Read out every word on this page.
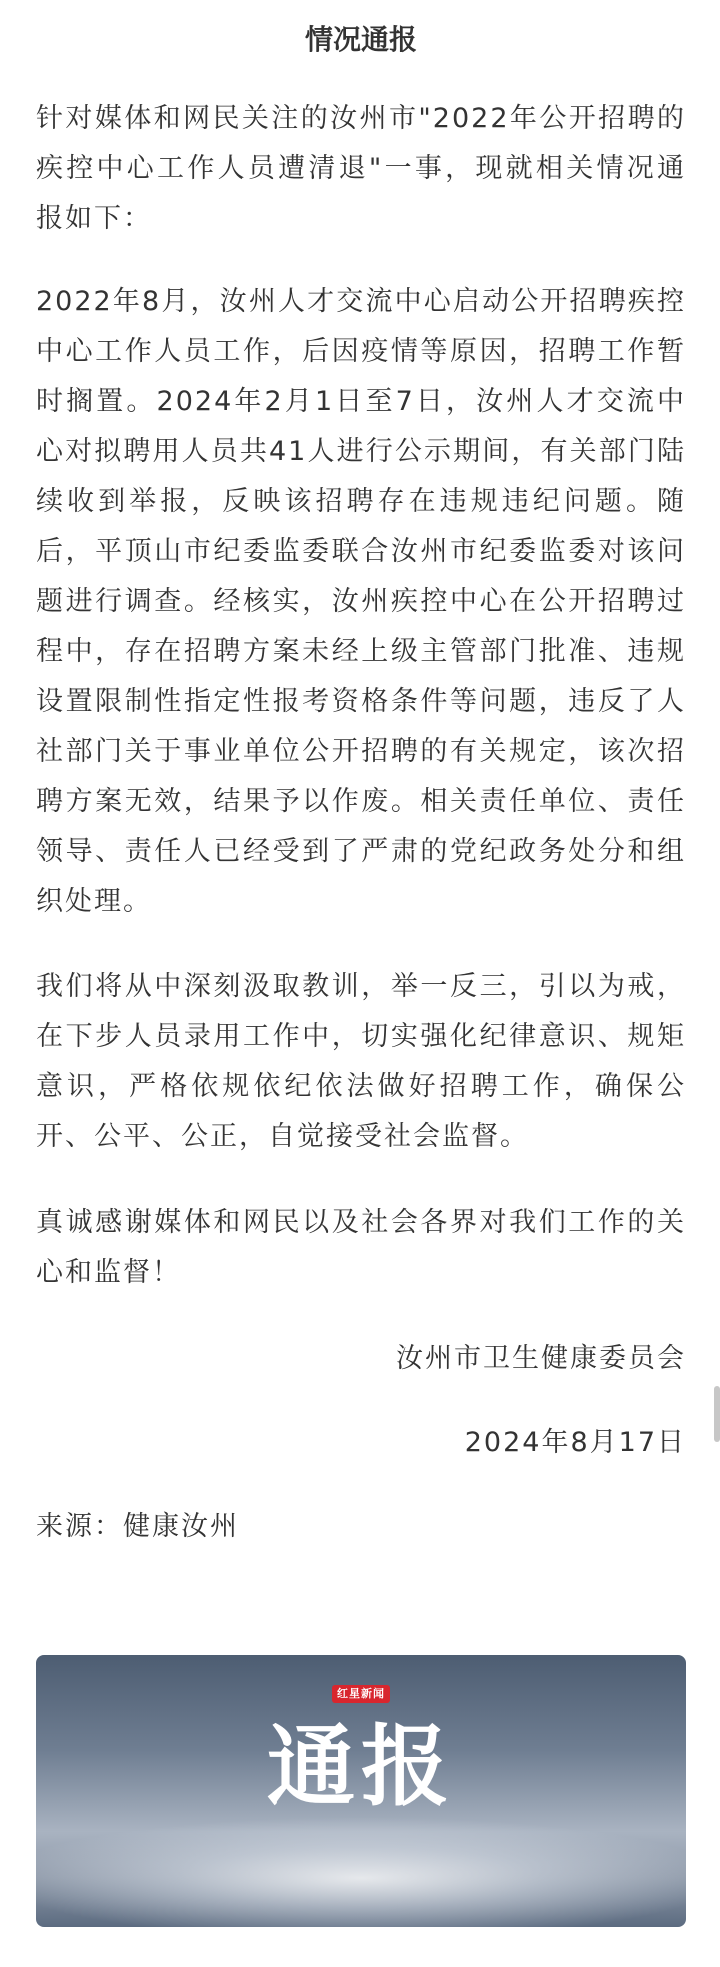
情况通报

针对媒体和网民关注的汝州市"2022年公开招聘的疾控中心工作人员遭清退"一事，现就相关情况通报如下：

2022年8月，汝州人才交流中心启动公开招聘疾控中心工作人员工作，后因疫情等原因，招聘工作暂时搁置。2024年2月1日至7日，汝州人才交流中心对拟聘用人员共41人进行公示期间，有关部门陆续收到举报，反映该招聘存在违规违纪问题。随后，平顶山市纪委监委联合汝州市纪委监委对该问题进行调查。经核实，汝州疾控中心在公开招聘过程中，存在招聘方案未经上级主管部门批准、违规设置限制性指定性报考资格条件等问题，违反了人社部门关于事业单位公开招聘的有关规定，该次招聘方案无效，结果予以作废。相关责任单位、责任领导、责任人已经受到了严肃的党纪政务处分和组织处理。

我们将从中深刻汲取教训，举一反三，引以为戒，在下步人员录用工作中，切实强化纪律意识、规矩意识，严格依规依纪依法做好招聘工作，确保公开、公平、公正，自觉接受社会监督。

真诚感谢媒体和网民以及社会各界对我们工作的关心和监督！

汝州市卫生健康委员会

2024年8月17日

来源：健康汝州

红星新闻
通报
